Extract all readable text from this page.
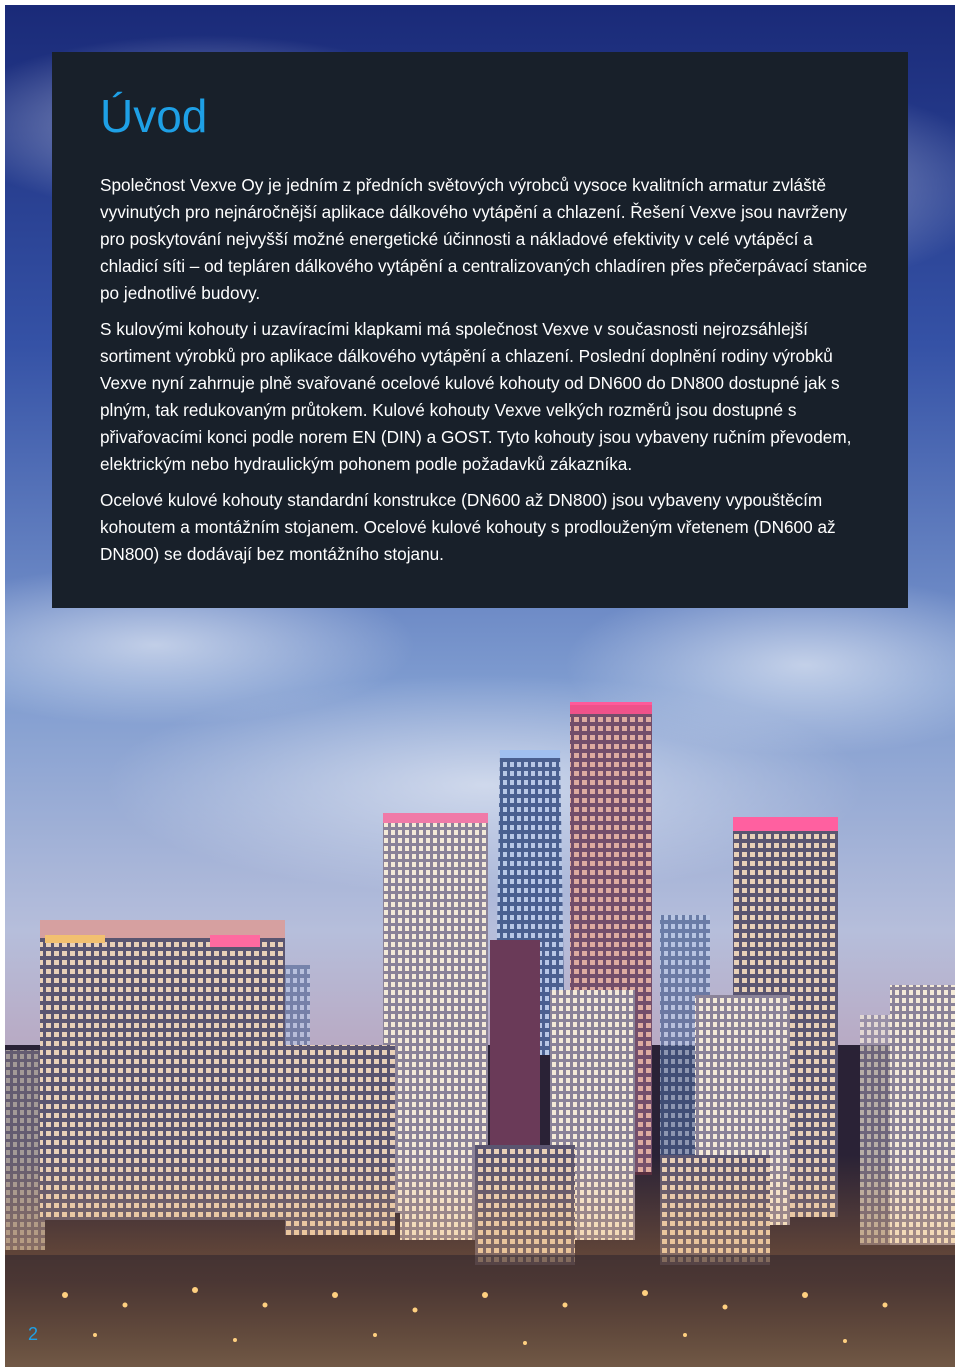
Úvod

Společnost Vexve Oy je jedním z předních světových výrobců vysoce kvalitních armatur zvláště vyvinutých pro nejnáročnější aplikace dálkového vytápění a chlazení. Řešení Vexve jsou navrženy pro poskytování nejvyšší možné energetické účinnosti a nákladové efektivity v celé vytápěcí a chladicí síti – od tepláren dálkového vytápění a centralizovaných chladíren přes přečerpávací stanice po jednotlivé budovy.

S kulovými kohouty i uzavíracími klapkami má společnost Vexve v současnosti nejrozsáhlejší sortiment výrobků pro aplikace dálkového vytápění a chlazení. Poslední doplnění rodiny výrobků Vexve nyní zahrnuje plně svařované ocelové kulové kohouty od DN600 do DN800 dostupné jak s plným, tak redukovaným průtokem. Kulové kohouty Vexve velkých rozměrů jsou dostupné s přivařovacími konci podle norem EN (DIN) a GOST. Tyto kohouty jsou vybaveny ručním převodem, elektrickým nebo hydraulickým pohonem podle požadavků zákazníka.

Ocelové kulové kohouty standardní konstrukce (DN600 až DN800) jsou vybaveny vypouštěcím kohoutem a montážním stojanem. Ocelové kulové kohouty s prodlouženým vřetenem (DN600 až DN800) se dodávají bez montážního stojanu.

2
